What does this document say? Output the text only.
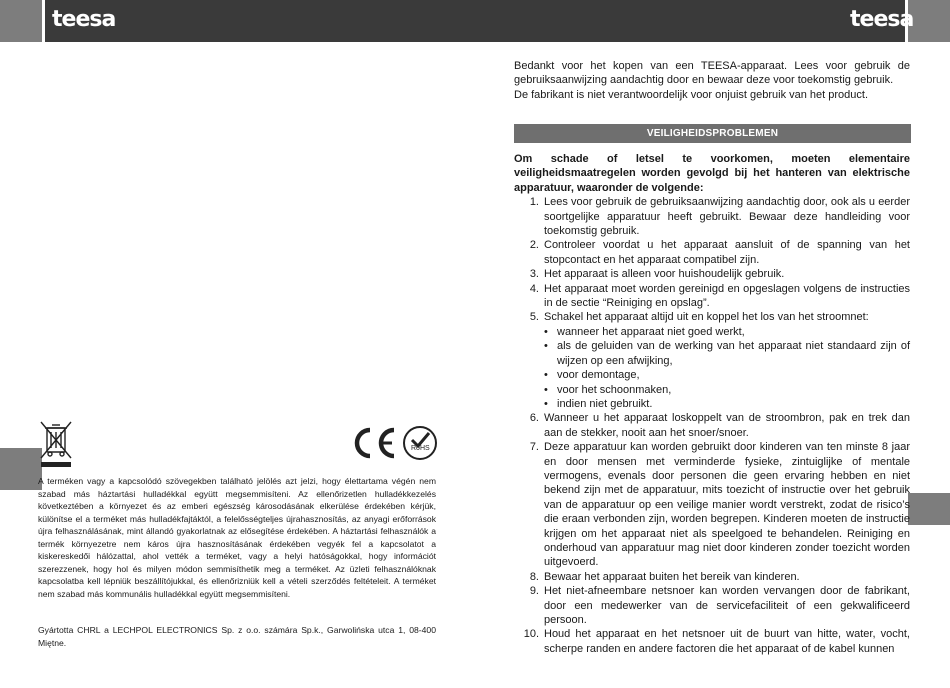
teesa	teesa
RoHS
A terméken vagy a kapcsolódó szövegekben található jelölés azt jelzi, hogy élettartama végén nem szabad más háztartási hulladékkal együtt megsemmisíteni. Az ellenőrizetlen hulladékkezelés következtében a környezet és az emberi egészség károsodásának elkerülése érdekében kérjük, különítse el a terméket más hulladékfajtáktól, a felelősségteljes újrahasznosítás, az anyagi erőforrások újra felhasználásának, mint állandó gyakorlatnak az elősegítése érdekében. A háztartási felhasználók a termék környezetre nem káros újra hasznosításának érdekében vegyék fel a kapcsolatot a kiskereskedői hálózattal, ahol vették a terméket, vagy a helyi hatóságokkal, hogy információt szerezzenek, hogy hol és milyen módon semmisíthetik meg a terméket. Az üzleti felhasználóknak kapcsolatba kell lépniük beszállítójukkal, és ellenőrizniük kell a vételi szerződés feltételeit. A terméket nem szabad más kommunális hulladékkal együtt megsemmisíteni.
Gyártotta CHRL a LECHPOL ELECTRONICS Sp. z o.o. számára Sp.k., Garwolińska utca 1, 08-400 Miętne.

Bedankt voor het kopen van een TEESA-apparaat. Lees voor gebruik de gebruiksaanwijzing aandachtig door en bewaar deze voor toekomstig gebruik.

De fabrikant is niet verantwoordelijk voor onjuist gebruik van het product.

VEILIGHEIDSPROBLEMEN

Om schade of letsel te voorkomen, moeten elementaire veiligheidsmaatregelen worden gevolgd bij het hanteren van elektrische apparatuur, waaronder de volgende:

1. Lees voor gebruik de gebruiksaanwijzing aandachtig door, ook als u eerder soortgelijke apparatuur heeft gebruikt. Bewaar deze handleiding voor toekomstig gebruik.
2. Controleer voordat u het apparaat aansluit of de spanning van het stopcontact en het apparaat compatibel zijn.
3. Het apparaat is alleen voor huishoudelijk gebruik.
4. Het apparaat moet worden gereinigd en opgeslagen volgens de instructies in de sectie “Reiniging en opslag”.
5. Schakel het apparaat altijd uit en koppel het los van het stroomnet:
• wanneer het apparaat niet goed werkt,
• als de geluiden van de werking van het apparaat niet standaard zijn of wijzen op een afwijking,
• voor demontage,
• voor het schoonmaken,
• indien niet gebruikt.
6. Wanneer u het apparaat loskoppelt van de stroombron, pak en trek dan aan de stekker, nooit aan het snoer/snoer.
7. Deze apparatuur kan worden gebruikt door kinderen van ten minste 8 jaar en door mensen met verminderde fysieke, zintuiglijke of mentale vermogens, evenals door personen die geen ervaring hebben en niet bekend zijn met de apparatuur, mits toezicht of instructie over het gebruik van de apparatuur op een veilige manier wordt verstrekt, zodat de risico’s die eraan verbonden zijn, worden begrepen. Kinderen moeten de instructie krijgen om het apparaat niet als speelgoed te behandelen. Reiniging en onderhoud van apparatuur mag niet door kinderen zonder toezicht worden uitgevoerd.
8. Bewaar het apparaat buiten het bereik van kinderen.
9. Het niet-afneembare netsnoer kan worden vervangen door de fabrikant, door een medewerker van de servicefaciliteit of een gekwalificeerd persoon.
10. Houd het apparaat en het netsnoer uit de buurt van hitte, water, vocht, scherpe randen en andere factoren die het apparaat of de kabel kunnen
